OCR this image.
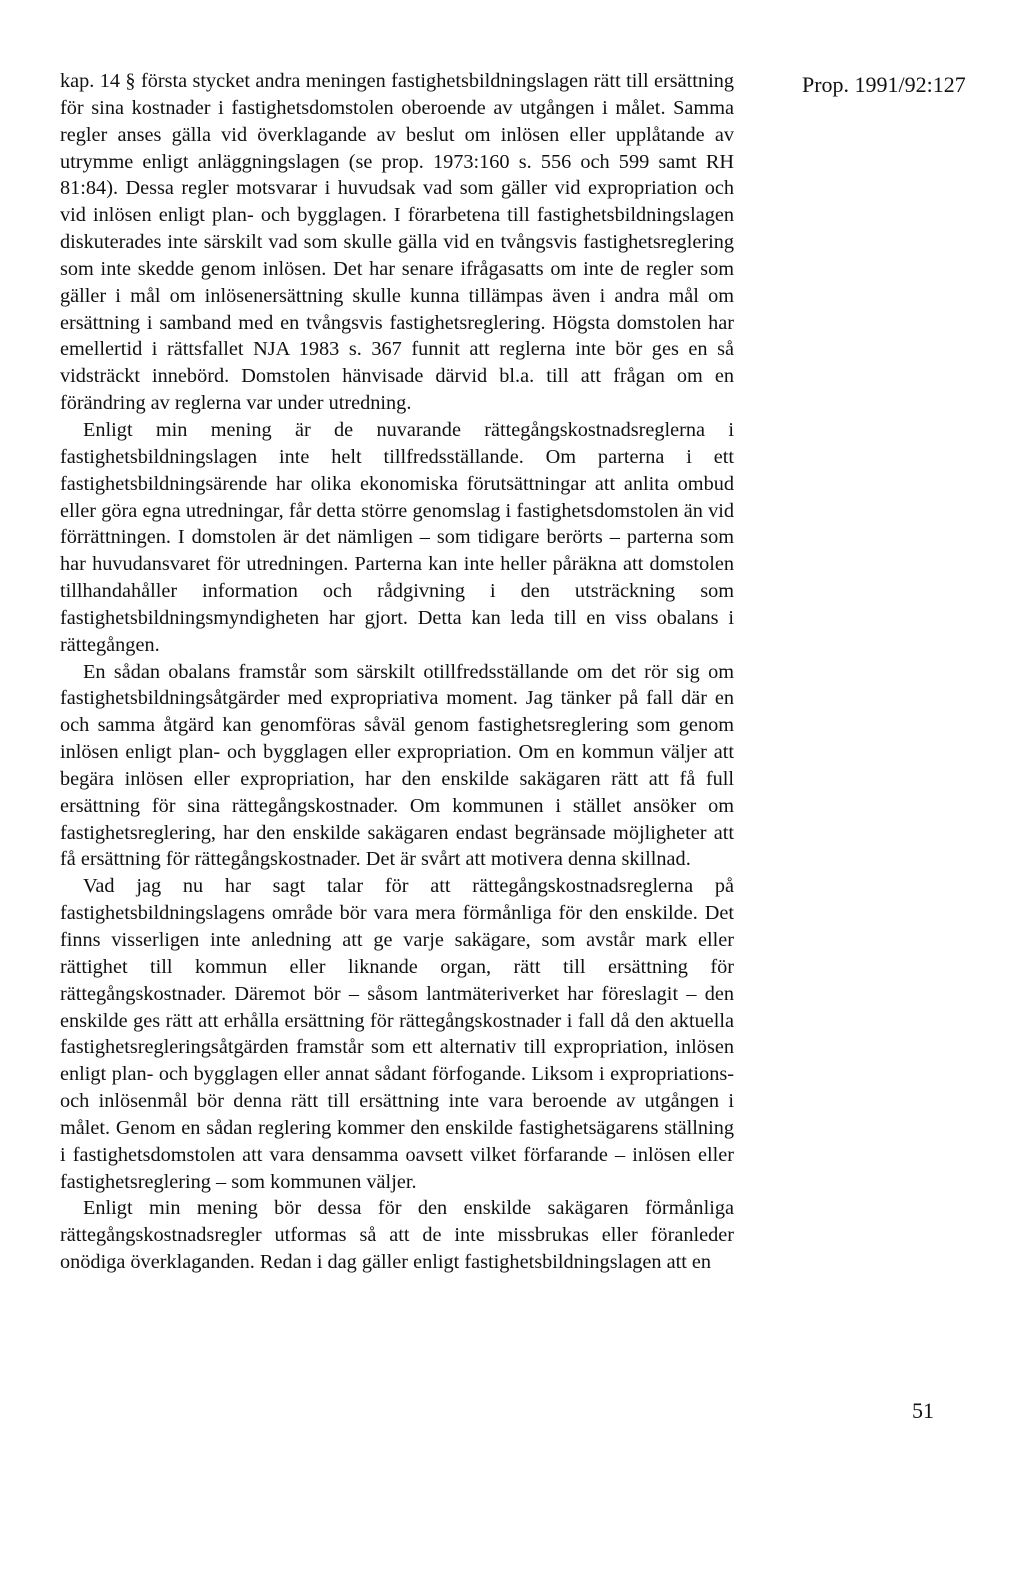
Prop. 1991/92:127

kap. 14 § första stycket andra meningen fastighetsbildningslagen rätt till ersättning för sina kostnader i fastighetsdomstolen oberoende av utgången i målet. Samma regler anses gälla vid överklagande av beslut om inlösen eller upplåtande av utrymme enligt anläggningslagen (se prop. 1973:160 s. 556 och 599 samt RH 81:84). Dessa regler motsvarar i huvudsak vad som gäller vid expropriation och vid inlösen enligt plan- och bygglagen. I förarbetena till fastighetsbildningslagen diskuterades inte särskilt vad som skulle gälla vid en tvångsvis fastighetsreglering som inte skedde genom inlösen. Det har senare ifrågasatts om inte de regler som gäller i mål om inlösenersättning skulle kunna tillämpas även i andra mål om ersättning i samband med en tvångsvis fastighetsreglering. Högsta domstolen har emellertid i rättsfallet NJA 1983 s. 367 funnit att reglerna inte bör ges en så vidsträckt innebörd. Domstolen hänvisade därvid bl.a. till att frågan om en förändring av reglerna var under utredning.

Enligt min mening är de nuvarande rättegångskostnadsreglerna i fastighetsbildningslagen inte helt tillfredsställande. Om parterna i ett fastighetsbildningsärende har olika ekonomiska förutsättningar att anlita ombud eller göra egna utredningar, får detta större genomslag i fastighetsdomstolen än vid förrättningen. I domstolen är det nämligen – som tidigare berörts – parterna som har huvudansvaret för utredningen. Parterna kan inte heller påräkna att domstolen tillhandahåller information och rådgivning i den utsträckning som fastighetsbildningsmyndigheten har gjort. Detta kan leda till en viss obalans i rättegången.

En sådan obalans framstår som särskilt otillfredsställande om det rör sig om fastighetsbildningsåtgärder med expropriativa moment. Jag tänker på fall där en och samma åtgärd kan genomföras såväl genom fastighetsreglering som genom inlösen enligt plan- och bygglagen eller expropriation. Om en kommun väljer att begära inlösen eller expropriation, har den enskilde sakägaren rätt att få full ersättning för sina rättegångskostnader. Om kommunen i stället ansöker om fastighetsreglering, har den enskilde sakägaren endast begränsade möjligheter att få ersättning för rättegångskostnader. Det är svårt att motivera denna skillnad.

Vad jag nu har sagt talar för att rättegångskostnadsreglerna på fastighetsbildningslagens område bör vara mera förmånliga för den enskilde. Det finns visserligen inte anledning att ge varje sakägare, som avstår mark eller rättighet till kommun eller liknande organ, rätt till ersättning för rättegångskostnader. Däremot bör – såsom lantmäteriverket har föreslagit – den enskilde ges rätt att erhålla ersättning för rättegångskostnader i fall då den aktuella fastighetsregleringsåtgärden framstår som ett alternativ till expropriation, inlösen enligt plan- och bygglagen eller annat sådant förfogande. Liksom i expropriations- och inlösenmål bör denna rätt till ersättning inte vara beroende av utgången i målet. Genom en sådan reglering kommer den enskilde fastighetsägarens ställning i fastighetsdomstolen att vara densamma oavsett vilket förfarande – inlösen eller fastighetsreglering – som kommunen väljer.

Enligt min mening bör dessa för den enskilde sakägaren förmånliga rättegångskostnadsregler utformas så att de inte missbrukas eller föranleder onödiga överklaganden. Redan i dag gäller enligt fastighetsbildningslagen att en

51
